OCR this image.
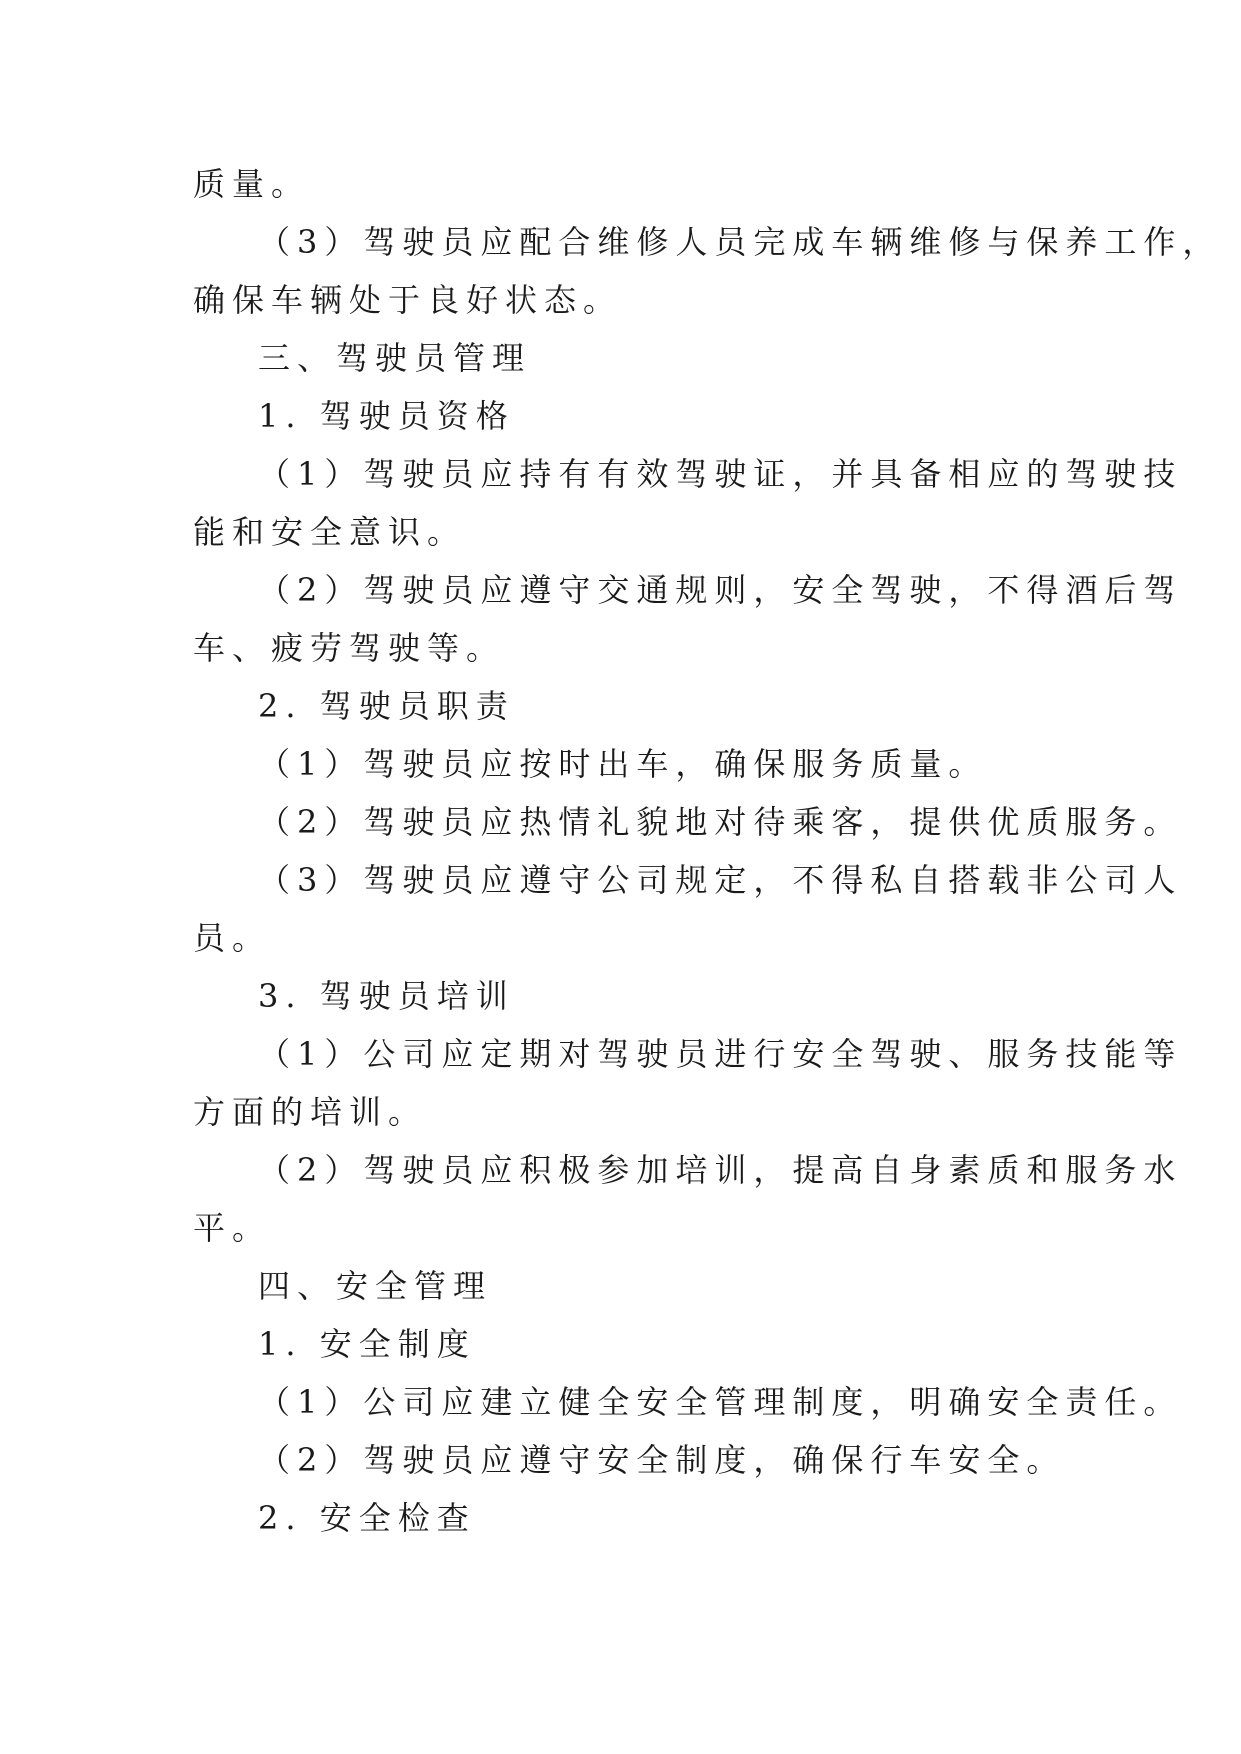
质量。
（3）驾驶员应配合维修人员完成车辆维修与保养工作，
确保车辆处于良好状态。
三、驾驶员管理
1. 驾驶员资格
（1）驾驶员应持有有效驾驶证，并具备相应的驾驶技
能和安全意识。
（2）驾驶员应遵守交通规则，安全驾驶，不得酒后驾
车、疲劳驾驶等。
2. 驾驶员职责
（1）驾驶员应按时出车，确保服务质量。
（2）驾驶员应热情礼貌地对待乘客，提供优质服务。
（3）驾驶员应遵守公司规定，不得私自搭载非公司人
员。
3. 驾驶员培训
（1）公司应定期对驾驶员进行安全驾驶、服务技能等
方面的培训。
（2）驾驶员应积极参加培训，提高自身素质和服务水
平。
四、安全管理
1. 安全制度
（1）公司应建立健全安全管理制度，明确安全责任。
（2）驾驶员应遵守安全制度，确保行车安全。
2. 安全检查
